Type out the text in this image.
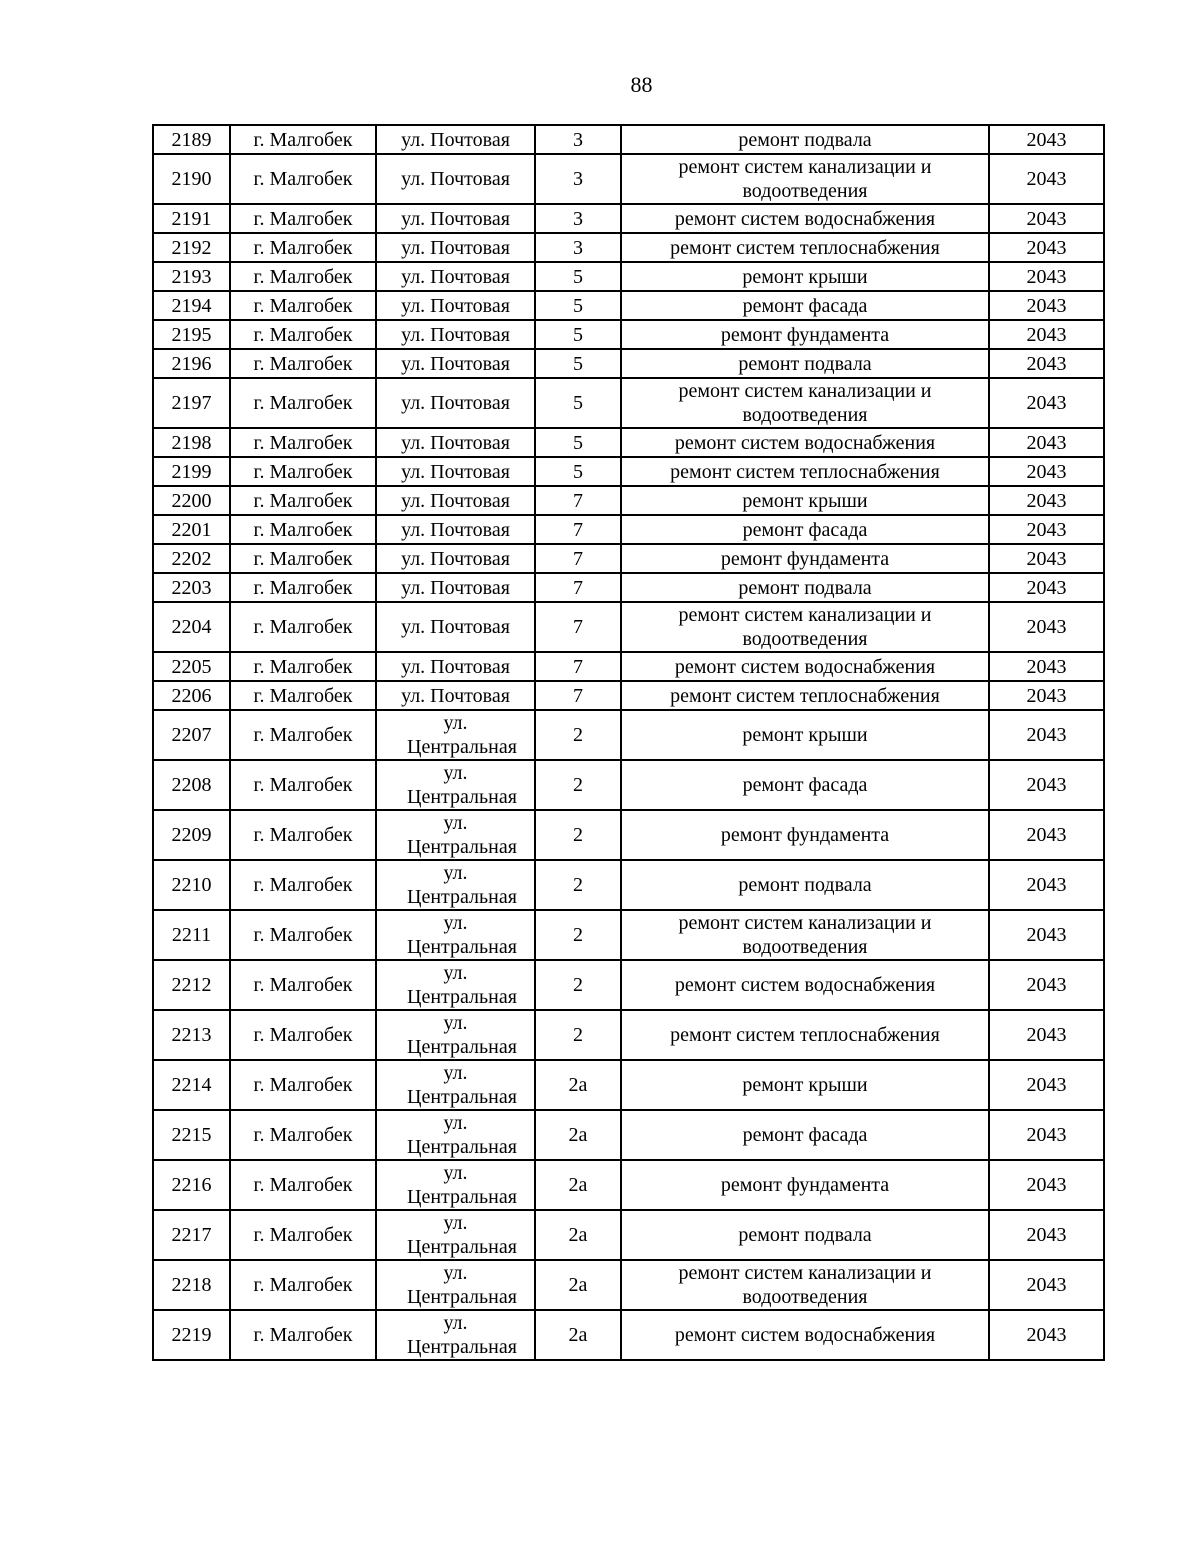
88
2189	г. Малгобек	ул. Почтовая	3	ремонт подвала	2043
2190	г. Малгобек	ул. Почтовая	3	ремонт систем канализации и водоотведения	2043
2191	г. Малгобек	ул. Почтовая	3	ремонт систем водоснабжения	2043
2192	г. Малгобек	ул. Почтовая	3	ремонт систем теплоснабжения	2043
2193	г. Малгобек	ул. Почтовая	5	ремонт крыши	2043
2194	г. Малгобек	ул. Почтовая	5	ремонт фасада	2043
2195	г. Малгобек	ул. Почтовая	5	ремонт фундамента	2043
2196	г. Малгобек	ул. Почтовая	5	ремонт подвала	2043
2197	г. Малгобек	ул. Почтовая	5	ремонт систем канализации и водоотведения	2043
2198	г. Малгобек	ул. Почтовая	5	ремонт систем водоснабжения	2043
2199	г. Малгобек	ул. Почтовая	5	ремонт систем теплоснабжения	2043
2200	г. Малгобек	ул. Почтовая	7	ремонт крыши	2043
2201	г. Малгобек	ул. Почтовая	7	ремонт фасада	2043
2202	г. Малгобек	ул. Почтовая	7	ремонт фундамента	2043
2203	г. Малгобек	ул. Почтовая	7	ремонт подвала	2043
2204	г. Малгобек	ул. Почтовая	7	ремонт систем канализации и водоотведения	2043
2205	г. Малгобек	ул. Почтовая	7	ремонт систем водоснабжения	2043
2206	г. Малгобек	ул. Почтовая	7	ремонт систем теплоснабжения	2043
2207	г. Малгобек	ул. Центральная	2	ремонт крыши	2043
2208	г. Малгобек	ул. Центральная	2	ремонт фасада	2043
2209	г. Малгобек	ул. Центральная	2	ремонт фундамента	2043
2210	г. Малгобек	ул. Центральная	2	ремонт подвала	2043
2211	г. Малгобек	ул. Центральная	2	ремонт систем канализации и водоотведения	2043
2212	г. Малгобек	ул. Центральная	2	ремонт систем водоснабжения	2043
2213	г. Малгобек	ул. Центральная	2	ремонт систем теплоснабжения	2043
2214	г. Малгобек	ул. Центральная	2а	ремонт крыши	2043
2215	г. Малгобек	ул. Центральная	2а	ремонт фасада	2043
2216	г. Малгобек	ул. Центральная	2а	ремонт фундамента	2043
2217	г. Малгобек	ул. Центральная	2а	ремонт подвала	2043
2218	г. Малгобек	ул. Центральная	2а	ремонт систем канализации и водоотведения	2043
2219	г. Малгобек	ул. Центральная	2а	ремонт систем водоснабжения	2043
